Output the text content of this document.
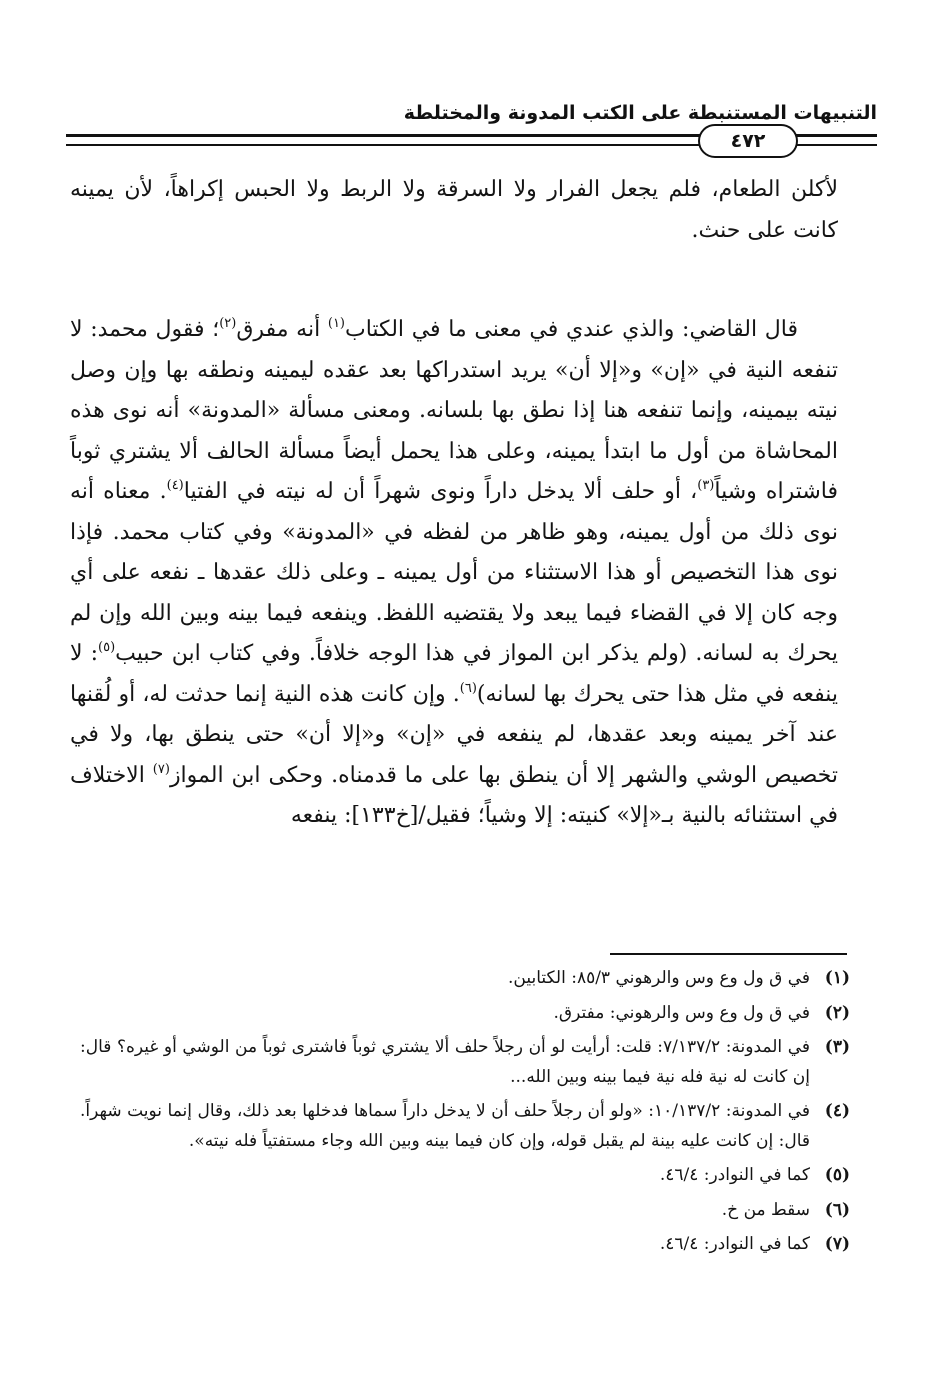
التنبيهات المستنبطة على الكتب المدونة والمختلطة
٤٧٢

لأكلن الطعام، فلم يجعل الفرار ولا السرقة ولا الربط ولا الحبس إكراهاً، لأن يمينه كانت على حنث.

قال القاضي: والذي عندي في معنى ما في الكتاب$^{(١)}$ أنه مفرق$^{(٢)}$؛ فقول محمد: لا تنفعه النية في «إن» و«إلا أن» يريد استدراكها بعد عقده ليمينه ونطقه بها وإن وصل نيته بيمينه، وإنما تنفعه هنا إذا نطق بها بلسانه. ومعنى مسألة «المدونة» أنه نوى هذه المحاشاة من أول ما ابتدأ يمينه، وعلى هذا يحمل أيضاً مسألة الحالف ألا يشتري ثوباً فاشتراه وشياً$^{(٣)}$، أو حلف ألا يدخل داراً ونوى شهراً أن له نيته في الفتيا$^{(٤)}$. معناه أنه نوى ذلك من أول يمينه، وهو ظاهر من لفظه في «المدونة» وفي كتاب محمد. فإذا نوى هذا التخصيص أو هذا الاستثناء من أول يمينه ـ وعلى ذلك عقدها ـ نفعه على أي وجه كان إلا في القضاء فيما يبعد ولا يقتضيه اللفظ. وينفعه فيما بينه وبين الله وإن لم يحرك به لسانه. (ولم يذكر ابن المواز في هذا الوجه خلافاً. وفي كتاب ابن حبيب$^{(٥)}$: لا ينفعه في مثل هذا حتى يحرك بها لسانه)$^{(٦)}$. وإن كانت هذه النية إنما حدثت له، أو لُقنها عند آخر يمينه وبعد عقدها، لم ينفعه في «إن» و«إلا أن» حتى ينطق بها، ولا في تخصيص الوشي والشهر إلا أن ينطق بها على ما قدمناه. وحكى ابن المواز$^{(٧)}$ الاختلاف في استثنائه بالنية بـ«إلا» كنيته: إلا وشياً؛ فقيل/[خ١٣٣]: ينفعه

(١)
في ق ول وع وس والرهوني ٨٥/٣: الكتابين.
(٢)
في ق ول وع وس والرهوني: مفترق.
(٣)
في المدونة: ٧/١٣٧/٢: قلت: أرأيت لو أن رجلاً حلف ألا يشتري ثوباً فاشترى ثوباً من الوشي أو غيره؟ قال: إن كانت له نية فله نية فيما بينه وبين الله...
(٤)
في المدونة: ١٠/١٣٧/٢: «ولو أن رجلاً حلف أن لا يدخل داراً سماها فدخلها بعد ذلك، وقال إنما نويت شهراً. قال: إن كانت عليه بينة لم يقبل قوله، وإن كان فيما بينه وبين الله وجاء مستفتياً فله نيته».
(٥)
كما في النوادر: ٤٦/٤.
(٦)
سقط من خ.
(٧)
كما في النوادر: ٤٦/٤.
